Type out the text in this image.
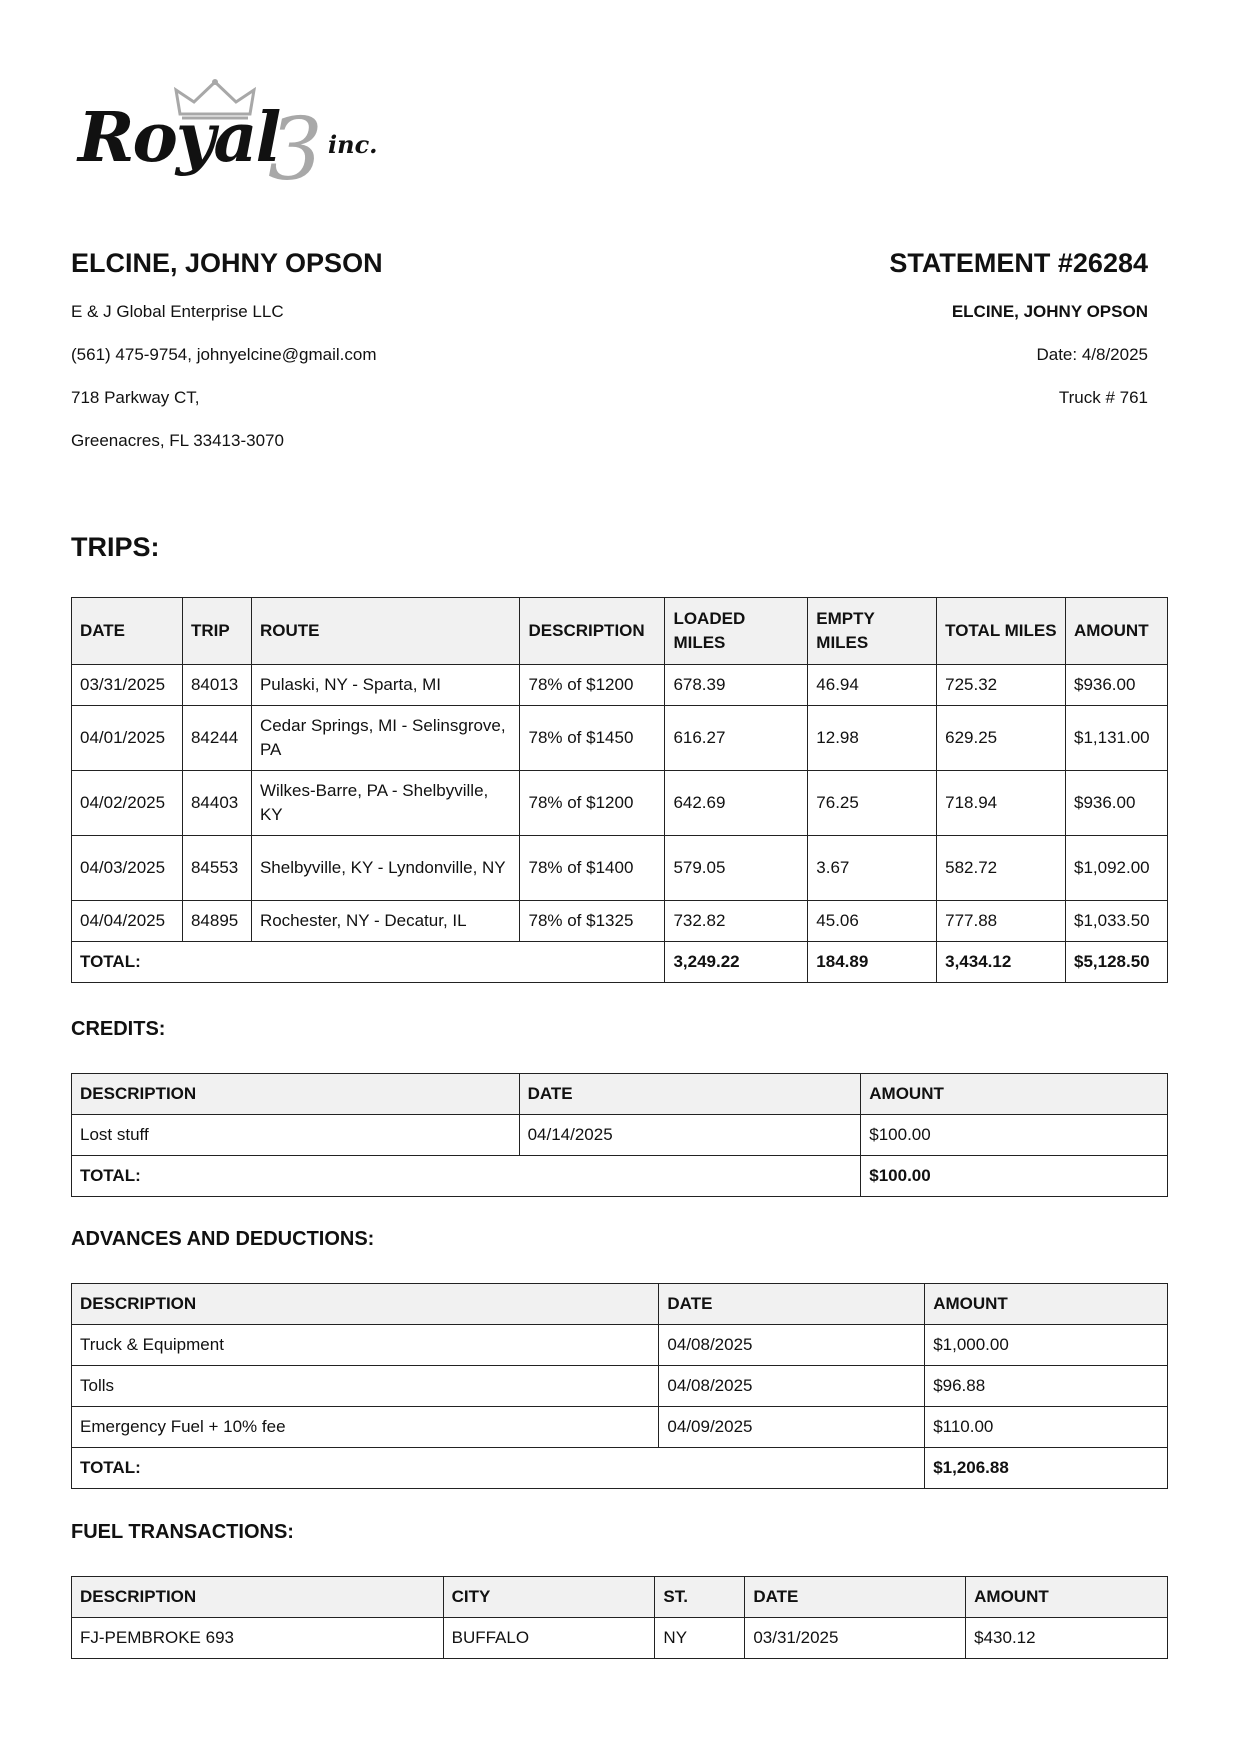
3
Royal inc.
ELCINE, JOHNY OPSON
E & J Global Enterprise LLC
(561) 475-9754, johnyelcine@gmail.com
718 Parkway CT,
Greenacres, FL 33413-3070
STATEMENT #26284
ELCINE, JOHNY OPSON
Date: 4/8/2025
Truck # 761
TRIPS:
DATE	TRIP	ROUTE	DESCRIPTION	LOADED MILES	EMPTY MILES	TOTAL MILES	AMOUNT
03/31/2025	84013	Pulaski, NY - Sparta, MI	78% of $1200	678.39	46.94	725.32	$936.00
04/01/2025	84244	Cedar Springs, MI - Selinsgrove, PA	78% of $1450	616.27	12.98	629.25	$1,131.00
04/02/2025	84403	Wilkes-Barre, PA - Shelbyville, KY	78% of $1200	642.69	76.25	718.94	$936.00
04/03/2025	84553	Shelbyville, KY - Lyndonville, NY	78% of $1400	579.05	3.67	582.72	$1,092.00
04/04/2025	84895	Rochester, NY - Decatur, IL	78% of $1325	732.82	45.06	777.88	$1,033.50
TOTAL:				3,249.22	184.89	3,434.12	$5,128.50
CREDITS:
DESCRIPTION	DATE	AMOUNT
Lost stuff	04/14/2025	$100.00
TOTAL:		$100.00
ADVANCES AND DEDUCTIONS:
DESCRIPTION	DATE	AMOUNT
Truck & Equipment	04/08/2025	$1,000.00
Tolls	04/08/2025	$96.88
Emergency Fuel + 10% fee	04/09/2025	$110.00
TOTAL:		$1,206.88
FUEL TRANSACTIONS:
DESCRIPTION	CITY	ST.	DATE	AMOUNT
FJ-PEMBROKE 693	BUFFALO	NY	03/31/2025	$430.12
